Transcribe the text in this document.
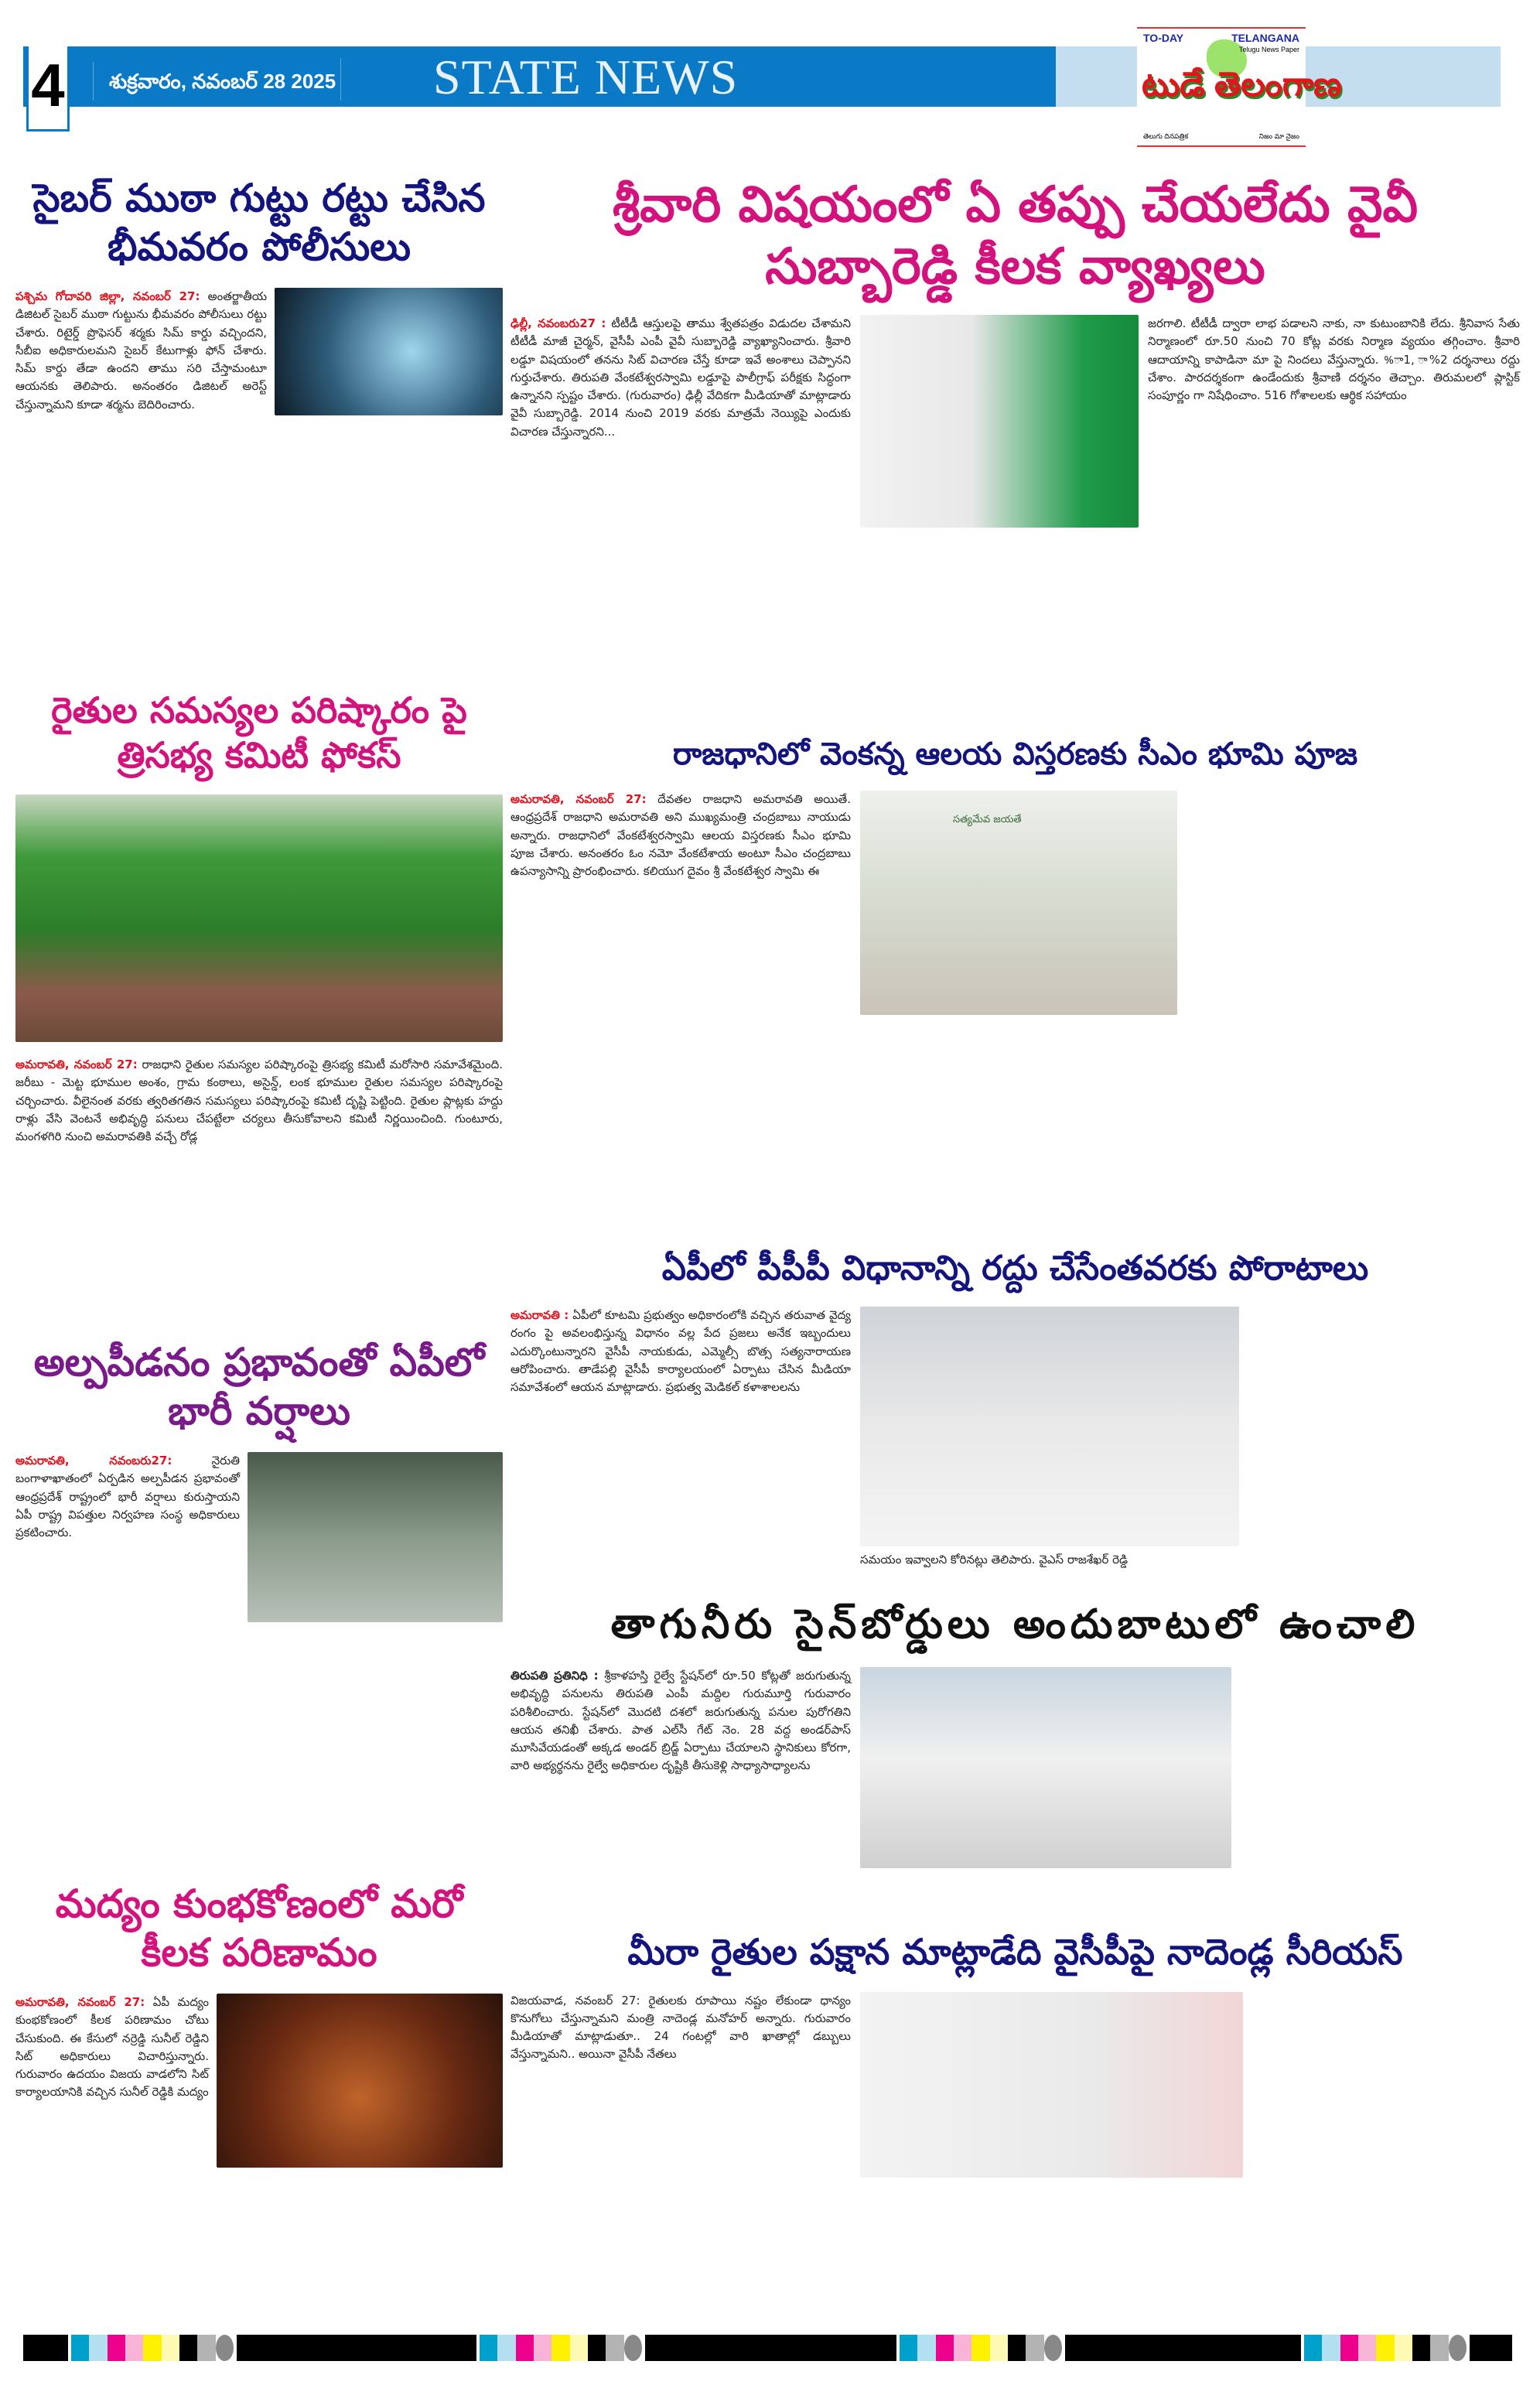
4	శుక్రవారం, నవంబర్ 28 2025 STATE NEWS
TO-DAY	TELANGANA
Telugu News Paper
టుడే తెలంగాణ
తెలుగు దినపత్రిక	నిజం మా నైజం
సైబర్ ముఠా గుట్టు రట్టు చేసిన భీమవరం పోలీసులు

పశ్చిమ గోదావరి జిల్లా, నవంబర్ 27: అంతర్జాతీయ డిజిటల్ సైబర్ ముఠా గుట్టును భీమవరం పోలీసులు రట్టు చేశారు. రిటైర్డ్ ప్రొఫెసర్ శర్మకు సిమ్ కార్డు వచ్చిందని, సీబీఐ అధికారులమని సైబర్ కేటుగాళ్లు ఫోన్ చేశారు. సిమ్ కార్డు తేడా ఉందని తాము సరి చేస్తామంటూ ఆయనకు తెలిపారు. అనంతరం డిజిటల్ అరెస్ట్ చేస్తున్నామని కూడా శర్మను బెదిరించారు.

రైతుల సమస్యల పరిష్కారం పై త్రిసభ్య కమిటీ ఫోకస్

అమరావతి, నవంబర్ 27: రాజధాని రైతుల సమస్యల పరిష్కారంపై త్రిసభ్య కమిటీ మరోసారి సమావేశమైంది. జరీబు - మెట్ట భూముల అంశం, గ్రామ కంఠాలు, అసైన్డ్, లంక భూముల రైతుల సమస్యల పరిష్కారంపై చర్చించారు. వీలైనంత వరకు త్వరితగతిన సమస్యలు పరిష్కారంపై కమిటీ దృష్టి పెట్టింది. రైతుల ప్లాట్లకు హద్దు రాళ్లు వేసి వెంటనే అభివృద్ధి పనులు చేపట్టేలా చర్యలు తీసుకోవాలని కమిటీ నిర్ణయించింది. గుంటూరు, మంగళగిరి నుంచి అమరావతికి వచ్చే రోడ్ల

అల్పపీడనం ప్రభావంతో ఏపీలో భారీ వర్షాలు

అమరావతి, నవంబరు27:	నైరుతి బంగాళాఖాతంలో ఏర్పడిన అల్పపీడన ప్రభావంతో ఆంధ్రప్రదేశ్ రాష్ట్రంలో భారీ వర్షాలు కురుస్తాయని ఏపీ రాష్ట్ర విపత్తుల నిర్వహణ సంస్థ అధికారులు ప్రకటించారు.

మద్యం కుంభకోణంలో మరో కీలక పరిణామం

అమరావతి, నవంబర్ 27: ఏపీ మద్యం కుంభకోణంలో కీలక పరిణామం చోటు చేసుకుంది. ఈ కేసులో నర్రెడ్డి సునీల్ రెడ్డిని సిట్ అధికారులు విచారిస్తున్నారు. గురువారం ఉదయం విజయ వాడలోని సిట్ కార్యాలయానికి వచ్చిన సునీల్ రెడ్డికి మద్యం

శ్రీవారి విషయంలో ఏ తప్పు చేయలేదు వైవీ సుబ్బారెడ్డి కీలక వ్యాఖ్యలు

ఢిల్లీ, నవంబరు27 : టీటీడీ ఆస్తులపై తాము శ్వేతపత్రం విడుదల చేశామని టీటీడీ మాజీ చైర్మన్, వైసీపీ ఎంపీ వైవీ సుబ్బారెడ్డి వ్యాఖ్యానించారు. శ్రీవారి లడ్డూ విషయంలో తనను సిట్ విచారణ చేస్తే కూడా ఇవే అంశాలు చెప్పానని గుర్తుచేశారు. తిరుపతి వేంకటేశ్వరస్వామి లడ్డూపై పాలీగ్రాఫ్ పరీక్షకు సిద్ధంగా ఉన్నానని స్పష్టం చేశారు. (గురువారం) ఢిల్లీ వేదికగా మీడియాతో మాట్లాడారు వైవీ సుబ్బారెడ్డి. 2014 నుంచి 2019 వరకు మాత్రమే నెయ్యిపై ఎందుకు విచారణ చేస్తున్నారని...

జరగాలి. టీటీడీ ద్వారా లాభ పడాలని నాకు, నా కుటుంబానికి లేదు. శ్రీనివాస సేతు నిర్మాణంలో రూ.50 నుంచి 70 కోట్ల వరకు నిర్మాణ వ్యయం తగ్గించాం. శ్రీవారి ఆదాయాన్ని కాపాడినా మా పై నిందలు వేస్తున్నారు. %ా1, ా%2 దర్శనాలు రద్దు చేశాం. పారదర్శకంగా ఉండేందుకు శ్రీవాణి దర్శనం తెచ్చాం. తిరుమలలో ప్లాస్టిక్ సంపూర్ణం గా నిషేధించాం. 516 గోశాలలకు ఆర్థిక సహాయం

రాజధానిలో వెంకన్న ఆలయ విస్తరణకు సీఎం భూమి పూజ

అమరావతి, నవంబర్ 27: దేవతల రాజధాని అమరావతి అయితే. ఆంధ్రప్రదేశ్ రాజధాని అమరావతి అని ముఖ్యమంత్రి చంద్రబాబు నాయుడు అన్నారు. రాజధానిలో వేంకటేశ్వరస్వామి ఆలయ విస్తరణకు సీఎం భూమి పూజ చేశారు. అనంతరం ఓం నమో వేంకటేశాయ అంటూ సీఎం చంద్రబాబు ఉపన్యాసాన్ని ప్రారంభించారు. కలియుగ దైవం శ్రీ వేంకటేశ్వర స్వామి ఈ

సత్యమేవ జయతే
ఏపీలో పీపీపీ విధానాన్ని రద్దు చేసేంతవరకు పోరాటాలు

అమరావతి : ఏపీలో కూటమి ప్రభుత్వం అధికారంలోకి వచ్చిన తరువాత వైద్య రంగం పై అవలంభిస్తున్న విధానం వల్ల పేద ప్రజలు అనేక ఇబ్బందులు ఎదుర్కొంటున్నారని వైసీపీ నాయకుడు, ఎమ్మెల్సీ బొత్స సత్యనారాయణ ఆరోపించారు. తాడేపల్లి వైసీపీ కార్యాలయంలో ఏర్పాటు చేసిన మీడియా సమావేశంలో ఆయన మాట్లాడారు. ప్రభుత్వ మెడికల్ కళాశాలలను

సమయం ఇవ్వాలని కోరినట్లు తెలిపారు. వైఎస్ రాజశేఖర్ రెడ్డి

తాగునీరు సైన్‌బోర్డులు అందుబాటులో ఉంచాలి

తిరుపతి ప్రతినిధి : శ్రీకాళహస్తి రైల్వే స్టేషన్‌లో రూ.50 కోట్లతో జరుగుతున్న అభివృద్ధి పనులను తిరుపతి ఎంపీ మద్దిల గురుమూర్తి గురువారం పరిశీలించారు. స్టేషన్‌లో మొదటి దశలో జరుగుతున్న పనుల పురోగతిని ఆయన తనిఖీ చేశారు. పాత ఎల్‌సీ గేట్ నెం. 28 వద్ద అండర్‌పాస్ మూసివేయడంతో అక్కడ అండర్ బ్రిడ్జ్ ఏర్పాటు చేయాలని స్థానికులు కోరగా, వారి అభ్యర్థనను రైల్వే అధికారుల దృష్టికి తీసుకెళ్లి సాధ్యాసాధ్యాలను

మీరా రైతుల పక్షాన మాట్లాడేది వైసీపీపై నాదెండ్ల సీరియస్

విజయవాడ, నవంబర్ 27: రైతులకు రూపాయి నష్టం లేకుండా ధాన్యం కొనుగోలు చేస్తున్నామని మంత్రి నాదెండ్ల మనోహర్ అన్నారు. గురువారం మీడియాతో మాట్లాడుతూ.. 24 గంటల్లో వారి ఖాతాల్లో డబ్బులు వేస్తున్నామని.. అయినా వైసీపీ నేతలు
